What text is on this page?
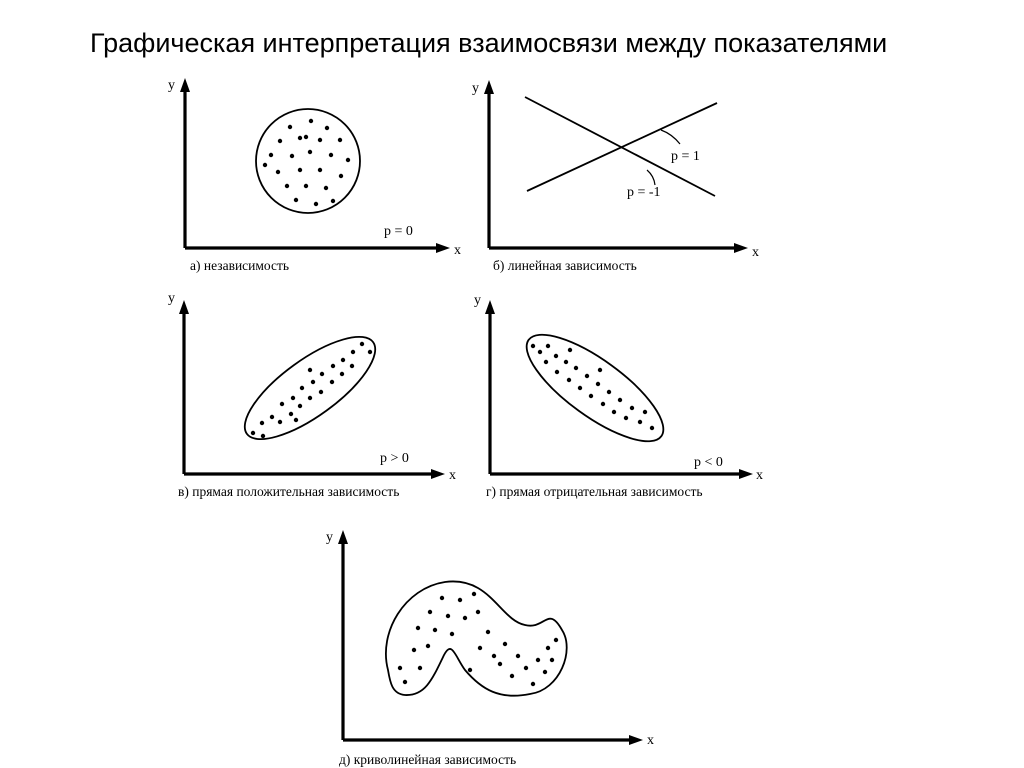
Графическая интерпретация взаимосвязи между показателями
y
x
p = 0
а) независимость
y
x
p = 1
p = -1
б) линейная зависимость
y
x
p > 0
в) прямая положительная зависимость
y
x
p < 0
г) прямая отрицательная зависимость
y
x
д) криволинейная зависимость
